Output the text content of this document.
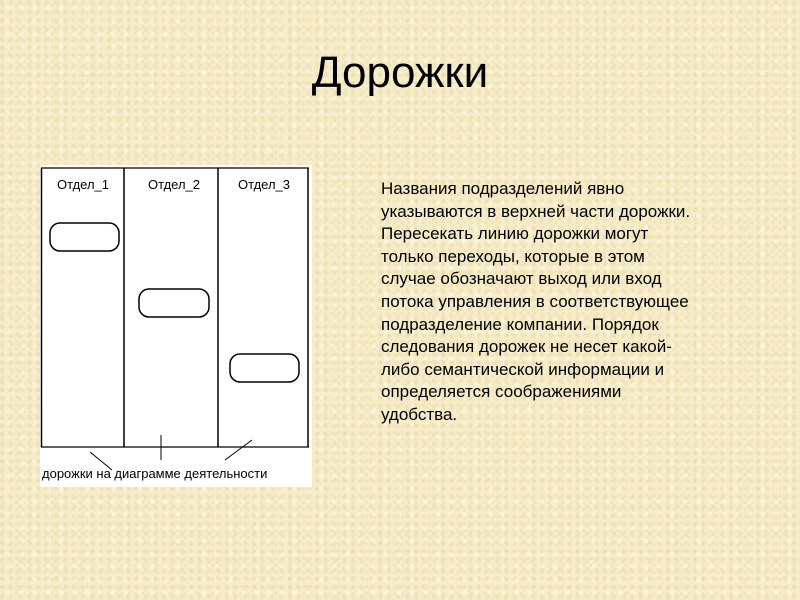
Дорожки
Отдел_1	Отдел_2	Отдел_3
дорожки на диаграмме деятельности
Названия подразделений явно указываются в верхней части дорожки. Пересекать линию дорожки могут только переходы, которые в этом случае обозначают выход или вход потока управления в соответствующее подразделение компании. Порядок следования дорожек не несет какой-либо семантической информации и определяется соображениями удобства.
